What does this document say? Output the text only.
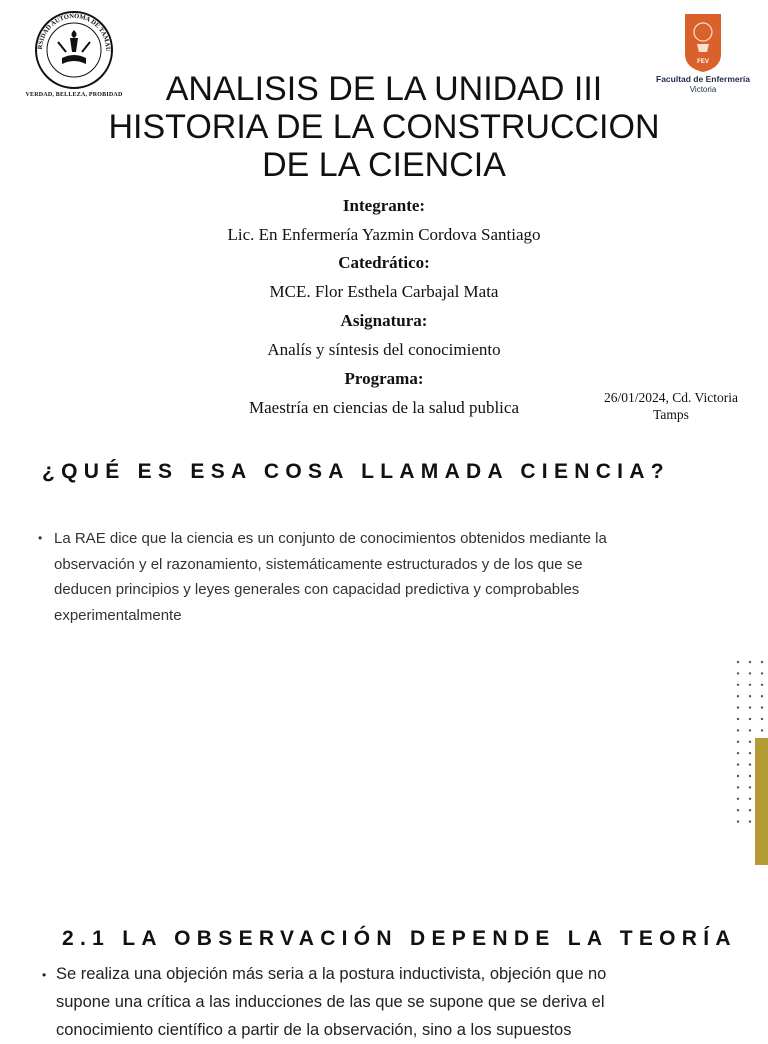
RSIDAD AUTONOMA DE TAMAU
VERDAD, BELLEZA, PROBIDAD
FEV
Facultad de Enfermería
Victoria
ANALISIS DE LA UNIDAD III
HISTORIA DE LA CONSTRUCCION
DE LA CIENCIA
Integrante:
Lic. En Enfermería Yazmin Cordova Santiago
Catedrático:
MCE. Flor Esthela Carbajal Mata
Asignatura:
Analís y síntesis del conocimiento
Programa:
Maestría en ciencias de la salud publica
26/01/2024, Cd. Victoria
Tamps
¿QUÉ ES ESA COSA LLAMADA CIENCIA?
• La RAE dice que la ciencia es un conjunto de conocimientos obtenidos mediante la
observación y el razonamiento, sistemáticamente estructurados y de los que se
deducen principios y leyes generales con capacidad predictiva y comprobables
experimentalmente
2.1 LA OBSERVACIÓN DEPENDE LA TEORÍA
• Se realiza una objeción más seria a la postura inductivista, objeción que no
supone una crítica a las inducciones de las que se supone que se deriva el
conocimiento científico a partir de la observación, sino a los supuestos
